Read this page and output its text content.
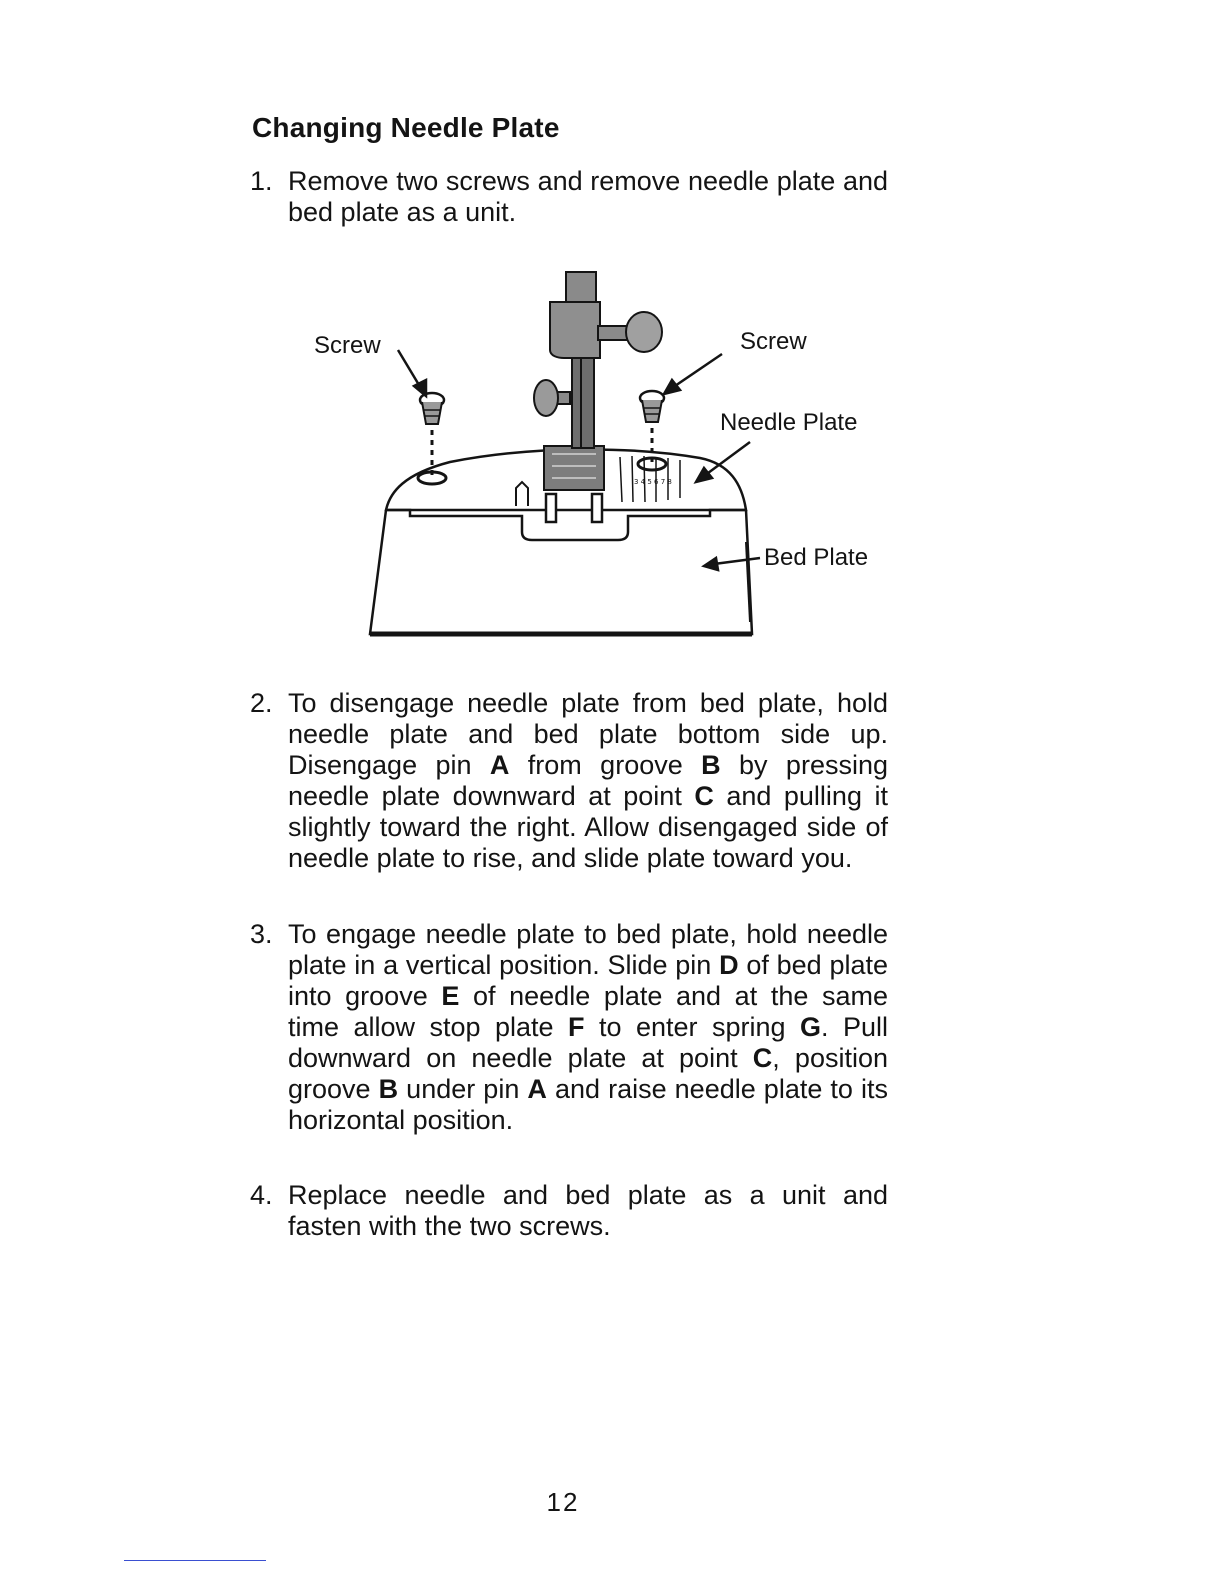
Changing Needle Plate
1. Remove two screws and remove needle plate and bed plate as a unit.
3 4 5 6 7 8
Screw	Screw
Needle Plate
Bed Plate
2. To disengage needle plate from bed plate, hold needle plate and bed plate bottom side up. Disengage pin A from groove B by pressing needle plate downward at point C and pulling it slightly toward the right. Allow disengaged side of needle plate to rise, and slide plate toward you.
3. To engage needle plate to bed plate, hold needle plate in a vertical position. Slide pin D of bed plate into groove E of needle plate and at the same time allow stop plate F to enter spring G. Pull downward on needle plate at point C, position groove B under pin A and raise needle plate to its horizontal position.
4. Replace needle and bed plate as a unit and fasten with the two screws.
12
